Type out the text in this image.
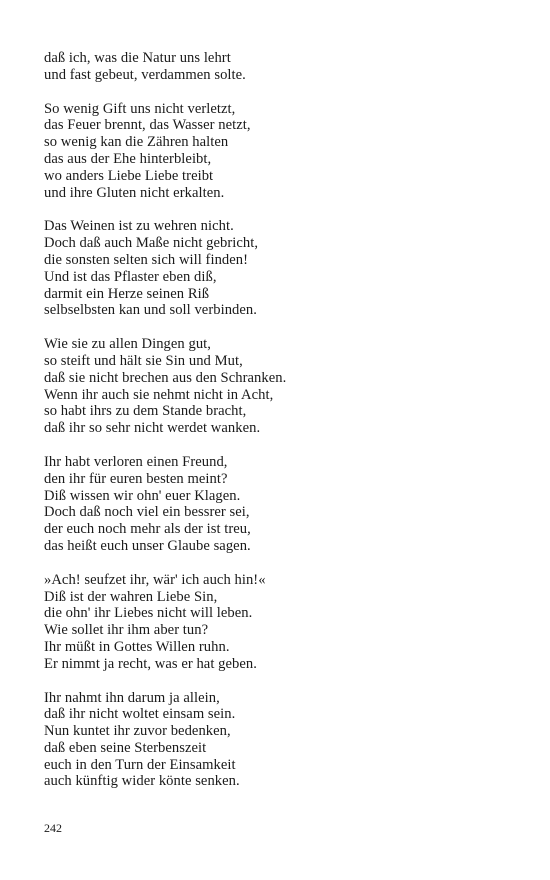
daß ich, was die Natur uns lehrt
und fast gebeut, verdammen solte.
So wenig Gift uns nicht verletzt,
das Feuer brennt, das Wasser netzt,
so wenig kan die Zähren halten
das aus der Ehe hinterbleibt,
wo anders Liebe Liebe treibt
und ihre Gluten nicht erkalten.
Das Weinen ist zu wehren nicht.
Doch daß auch Maße nicht gebricht,
die sonsten selten sich will finden!
Und ist das Pflaster eben diß,
darmit ein Herze seinen Riß
selbselbsten kan und soll verbinden.
Wie sie zu allen Dingen gut,
so steift und hält sie Sin und Mut,
daß sie nicht brechen aus den Schranken.
Wenn ihr auch sie nehmt nicht in Acht,
so habt ihrs zu dem Stande bracht,
daß ihr so sehr nicht werdet wanken.
Ihr habt verloren einen Freund,
den ihr für euren besten meint?
Diß wissen wir ohn' euer Klagen.
Doch daß noch viel ein bessrer sei,
der euch noch mehr als der ist treu,
das heißt euch unser Glaube sagen.
»Ach! seufzet ihr, wär' ich auch hin!«
Diß ist der wahren Liebe Sin,
die ohn' ihr Liebes nicht will leben.
Wie sollet ihr ihm aber tun?
Ihr müßt in Gottes Willen ruhn.
Er nimmt ja recht, was er hat geben.
Ihr nahmt ihn darum ja allein,
daß ihr nicht woltet einsam sein.
Nun kuntet ihr zuvor bedenken,
daß eben seine Sterbenszeit
euch in den Turn der Einsamkeit
auch künftig wider könte senken.
242
